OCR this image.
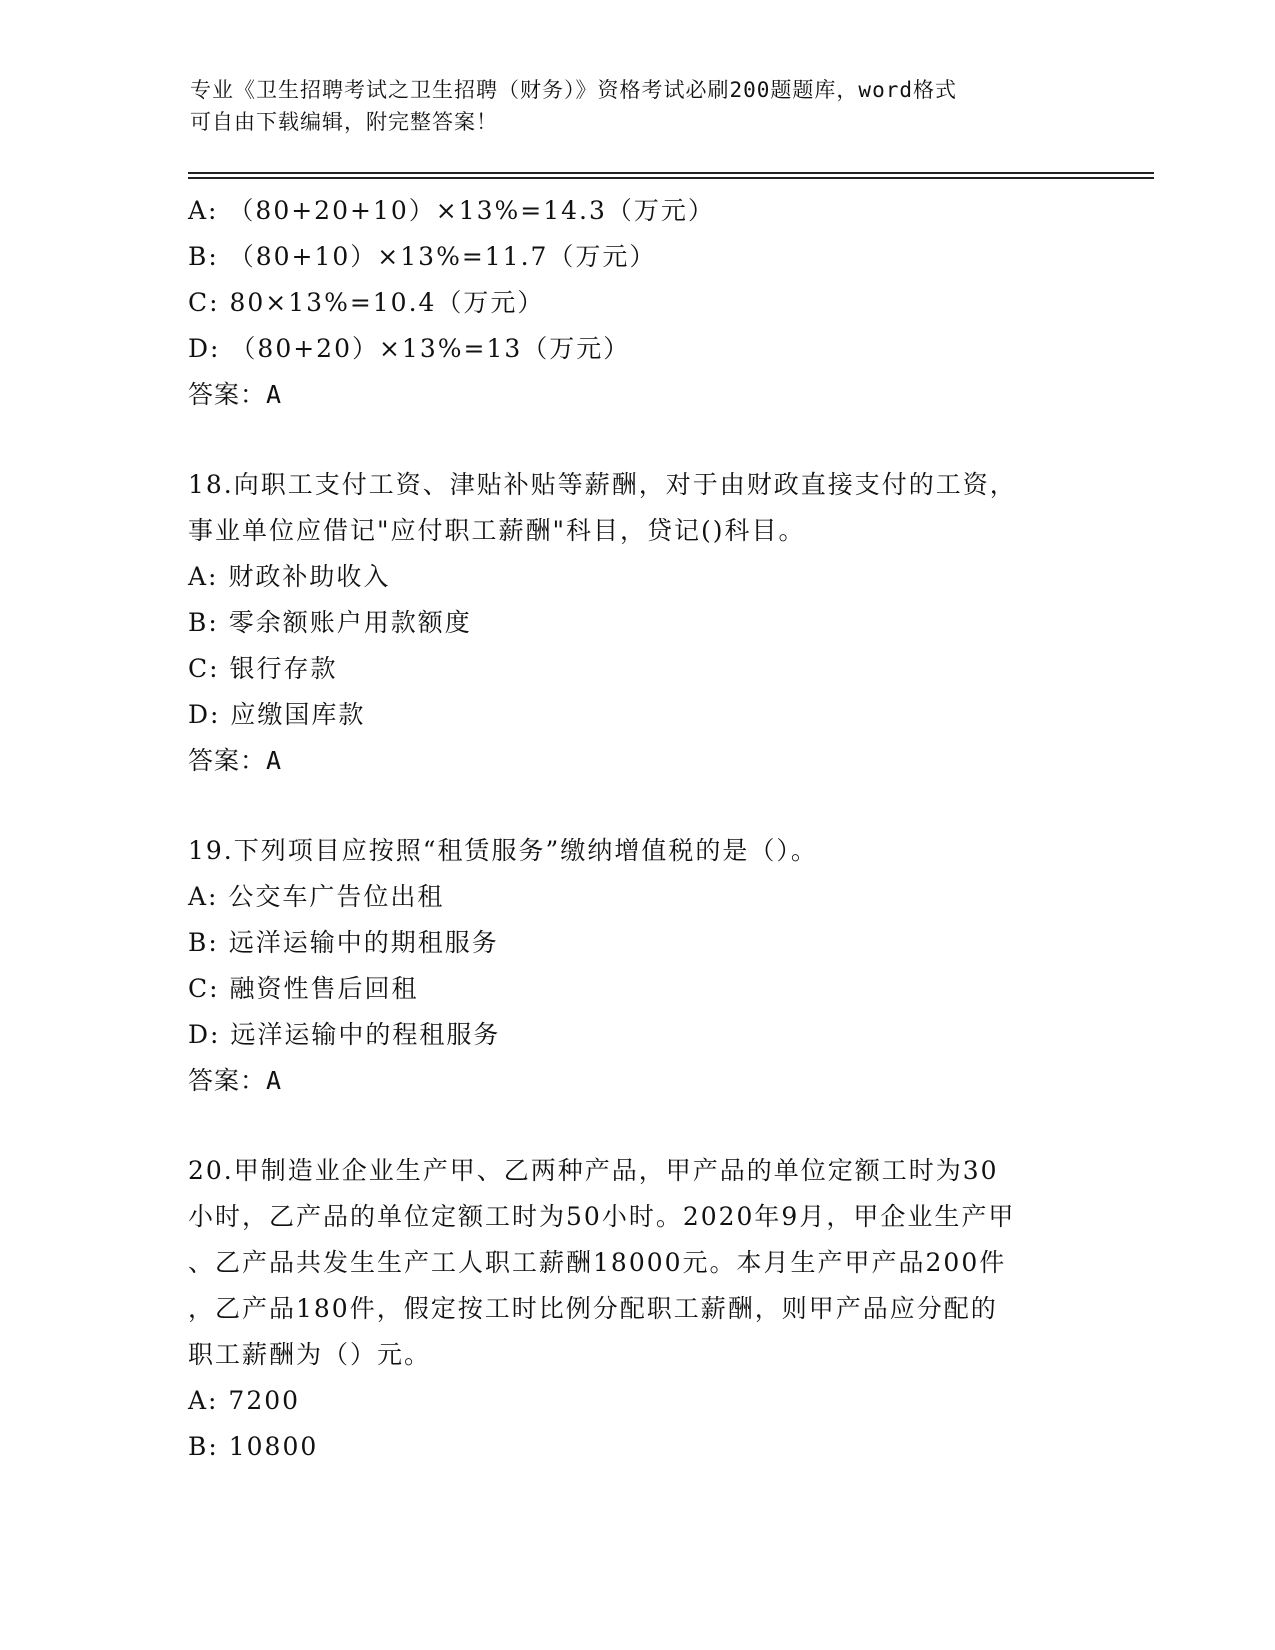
专业《卫生招聘考试之卫生招聘（财务）》资格考试必刷200题题库，word格式
可自由下载编辑，附完整答案！
A: （80+20+10）×13%=14.3（万元）
B: （80+10）×13%=11.7（万元）
C: 80×13%=10.4（万元）
D: （80+20）×13%=13（万元）
答案：A
18.向职工支付工资、津贴补贴等薪酬，对于由财政直接支付的工资，
事业单位应借记"应付职工薪酬"科目，贷记()科目。
A: 财政补助收入
B: 零余额账户用款额度
C: 银行存款
D: 应缴国库款
答案：A
19.下列项目应按照“租赁服务”缴纳增值税的是（）。
A: 公交车广告位出租
B: 远洋运输中的期租服务
C: 融资性售后回租
D: 远洋运输中的程租服务
答案：A
20.甲制造业企业生产甲、乙两种产品，甲产品的单位定额工时为30
小时，乙产品的单位定额工时为50小时。2020年9月，甲企业生产甲
、乙产品共发生生产工人职工薪酬18000元。本月生产甲产品200件
，乙产品180件，假定按工时比例分配职工薪酬，则甲产品应分配的
职工薪酬为（）元。
A: 7200
B: 10800
